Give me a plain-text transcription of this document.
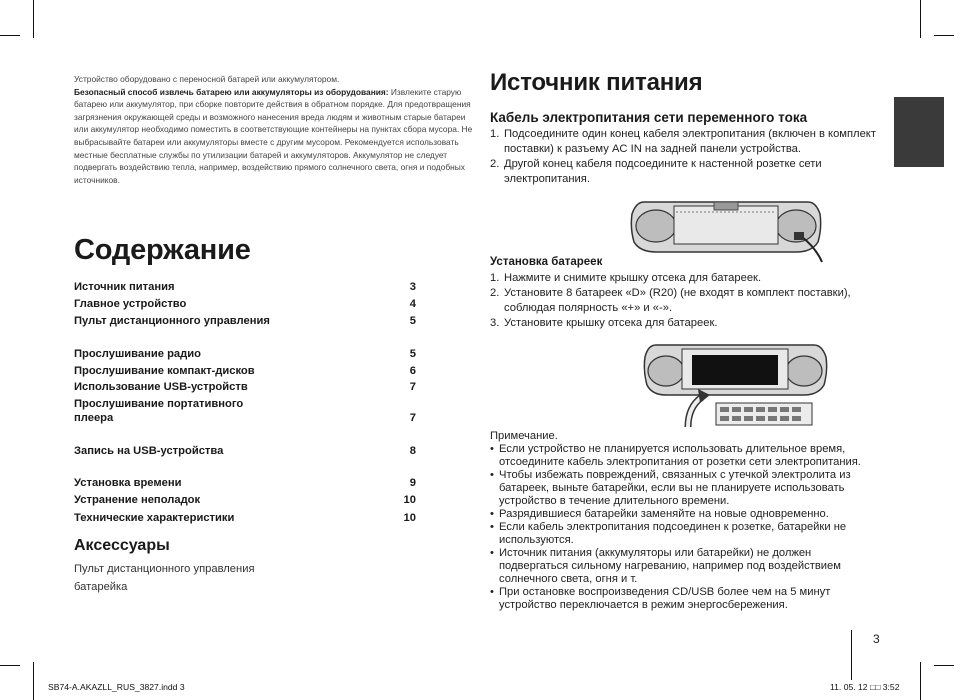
Устройство оборудовано с переносной батарей или аккумулятором.

Безопасный способ извлечь батарею или аккумуляторы из оборудования: Извлеките старую батарею или аккумулятор, при сборке повторите действия в обратном порядке. Для предотвращения загрязнения окружающей среды и возможного нанесения вреда людям и животным старые батареи или аккумулятор необходимо поместить в соответствующие контейнеры на пунктах сбора мусора. Не выбрасывайте батареи или аккумуляторы вместе с другим мусором. Рекомендуется использовать местные бесплатные службы по утилизации батарей и аккумуляторов. Аккумулятор не следует подвергать воздействию тепла, например, воздействию прямого солнечного света, огня и подобных источников.

Содержание
Источник питания	3
Главное устройство	4
Пульт дистанционного управления	5
Прослушивание радио	5
Прослушивание компакт-дисков	6
Использование USB-устройств	7
Прослушивание портативного плеера	7
Запись на USB-устройства	8
Установка времени	9
Устранение неполадок	10
Технические характеристики	10
Аксессуары
Пульт дистанционного управления
батарейка
Источник питания
Кабель электропитания сети переменного тока
1. Подсоедините один конец кабеля электропитания (включен в комплект поставки) к разъему AC IN на задней панели устройства.
2. Другой конец кабеля подсоедините к настенной розетке сети электропитания.
Установка батареек
1. Нажмите и снимите крышку отсека для батареек.
2. Установите 8 батареек «D» (R20) (не входят в комплект поставки), соблюдая полярность «+» и «-».
3. Установите крышку отсека для батареек.
Примечание.
• Если устройство не планируется использовать длительное время, отсоедините кабель электропитания от розетки сети электропитания.
• Чтобы избежать повреждений, связанных с утечкой электролита из батареек, выньте батарейки, если вы не планируете использовать устройство в течение длительного времени.
• Разрядившиеся батарейки заменяйте на новые одновременно.
• Если кабель электропитания подсоединен к розетке, батарейки не используются.
• Источник питания (аккумуляторы или батарейки) не должен подвергаться сильному нагреванию, например под воздействием солнечного света, огня и т.
• При остановке воспроизведения CD/USB более чем на 5 минут устройство переключается в режим энергосбережения.
3
SB74-A.AKAZLL_RUS_3827.indd 3	11. 05. 12 □□ 3:52
